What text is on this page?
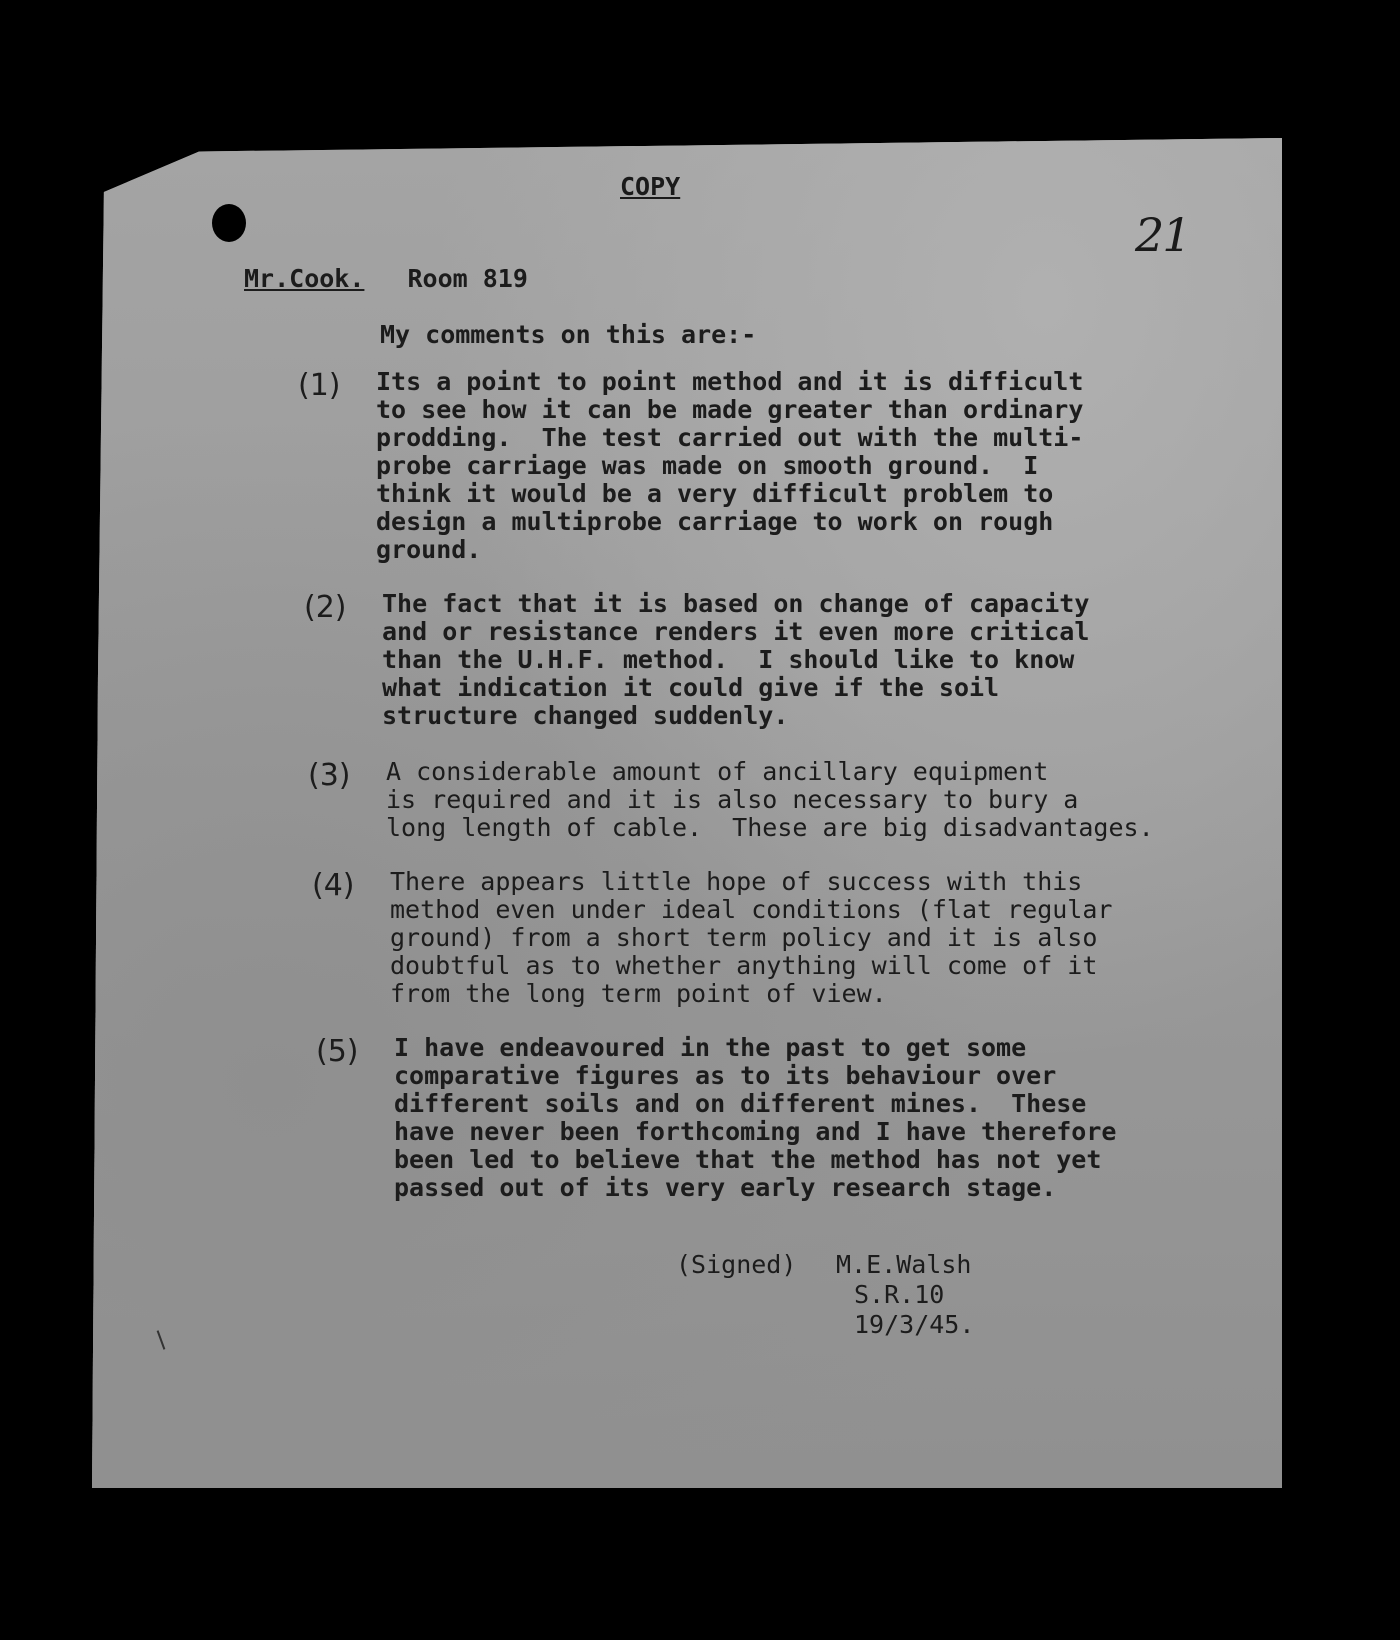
COPY
21
Mr.Cook. Room 819
My comments on this are:-
(1) Its a point to point method and it is difficult
to see how it can be made greater than ordinary
prodding.  The test carried out with the multi-
probe carriage was made on smooth ground.  I
think it would be a very difficult problem to
design a multiprobe carriage to work on rough
ground.
(2) The fact that it is based on change of capacity
and or resistance renders it even more critical
than the U.H.F. method.  I should like to know
what indication it could give if the soil
structure changed suddenly.
(3) A considerable amount of ancillary equipment
is required and it is also necessary to bury a
long length of cable.  These are big disadvantages.
(4) There appears little hope of success with this
method even under ideal conditions (flat regular
ground) from a short term policy and it is also
doubtful as to whether anything will come of it
from the long term point of view.
(5) I have endeavoured in the past to get some
comparative figures as to its behaviour over
different soils and on different mines.  These
have never been forthcoming and I have therefore
been led to believe that the method has not yet
passed out of its very early research stage.
(Signed) M.E.Walsh
S.R.10
19/3/45.
